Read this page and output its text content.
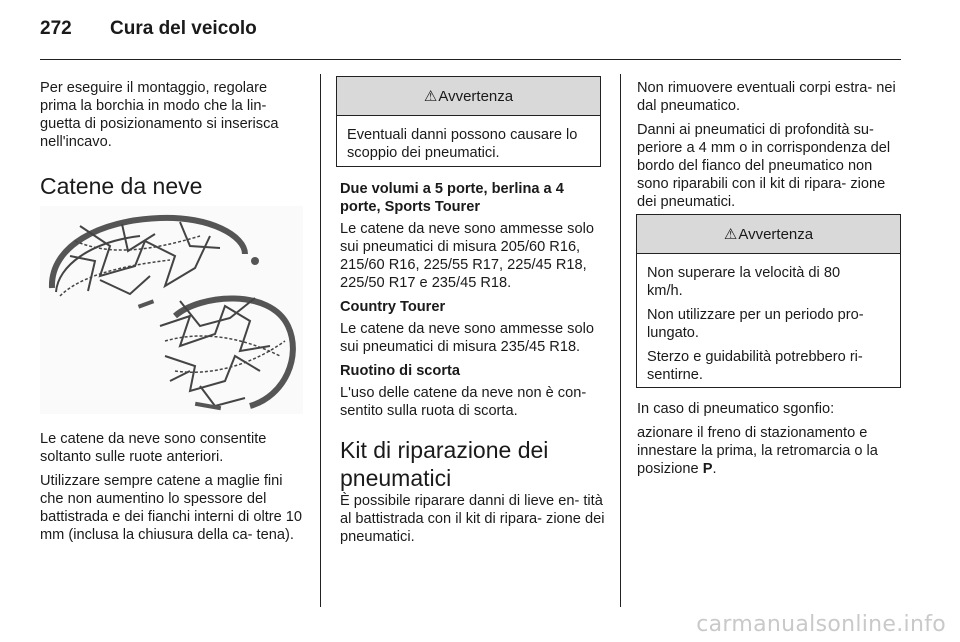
272 Cura del veicolo

Per eseguire il montaggio, regolare prima la borchia in modo che la lin- guetta di posizionamento si inserisca nell'incavo.

Catene da neve

Le catene da neve sono consentite soltanto sulle ruote anteriori.

Utilizzare sempre catene a maglie fini che non aumentino lo spessore del battistrada e dei fianchi interni di oltre 10 mm (inclusa la chiusura della ca- tena).

⚠ Avvertenza

Eventuali danni possono causare lo scoppio dei pneumatici.

Due volumi a 5 porte, berlina a 4 porte, Sports Tourer

Le catene da neve sono ammesse solo sui pneumatici di misura 205/60 R16, 215/60 R16, 225/55 R17, 225/45 R18, 225/50 R17 e 235/45 R18.

Country Tourer

Le catene da neve sono ammesse solo sui pneumatici di misura 235/45 R18.

Ruotino di scorta

L'uso delle catene da neve non è con- sentito sulla ruota di scorta.

Kit di riparazione dei pneumatici

È possibile riparare danni di lieve en- tità al battistrada con il kit di ripara- zione dei pneumatici.

Non rimuovere eventuali corpi estra- nei dal pneumatico.

Danni ai pneumatici di profondità su- periore a 4 mm o in corrispondenza del bordo del fianco del pneumatico non sono riparabili con il kit di ripara- zione dei pneumatici.

⚠ Avvertenza

Non superare la velocità di 80 km/h.

Non utilizzare per un periodo pro- lungato.

Sterzo e guidabilità potrebbero ri- sentirne.

In caso di pneumatico sgonfio:

azionare il freno di stazionamento e innestare la prima, la retromarcia o la posizione P.

carmanualsonline.info
